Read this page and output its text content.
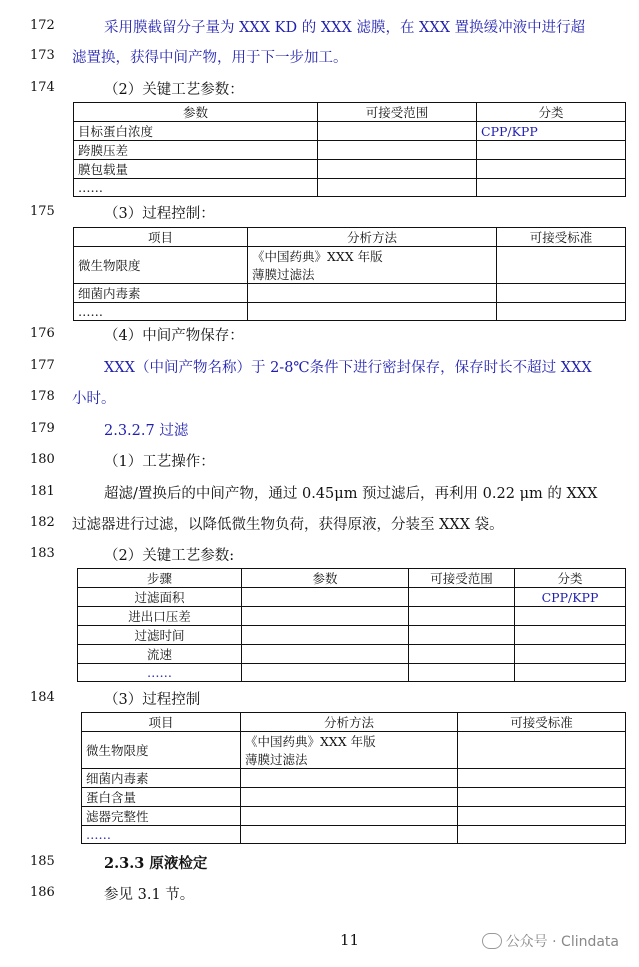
172
173
174
175
176
177
178
179
180
181
182
183
184
185
186
采用膜截留分子量为 XXX KD 的 XXX 滤膜，在 XXX 置换缓冲液中进行超
滤置换，获得中间产物，用于下一步加工。
（2）关键工艺参数：
参数	可接受范围	分类
目标蛋白浓度		CPP/KPP
跨膜压差		
膜包载量		
……		
（3）过程控制：
项目	分析方法	可接受标准
微生物限度	《中国药典》XXX 年版
薄膜过滤法	

细菌内毒素		
……		
（4）中间产物保存：
XXX（中间产物名称）于 2-8℃条件下进行密封保存，保存时长不超过 XXX
小时。
2.3.2.7 过滤
（1）工艺操作：
超滤/置换后的中间产物，通过 0.45μm 预过滤后，再利用 0.22 μm 的 XXX
过滤器进行过滤，以降低微生物负荷，获得原液，分装至 XXX 袋。
（2）关键工艺参数:
步骤	参数	可接受范围	分类
过滤面积			CPP/KPP
进出口压差			
过滤时间			
流速			
……			
（3）过程控制
项目	分析方法	可接受标准
微生物限度	《中国药典》XXX 年版
薄膜过滤法	

细菌内毒素		
蛋白含量		
滤器完整性		
……		
2.3.3 原液检定
参见 3.1 节。
11	公众号 · Clindata
